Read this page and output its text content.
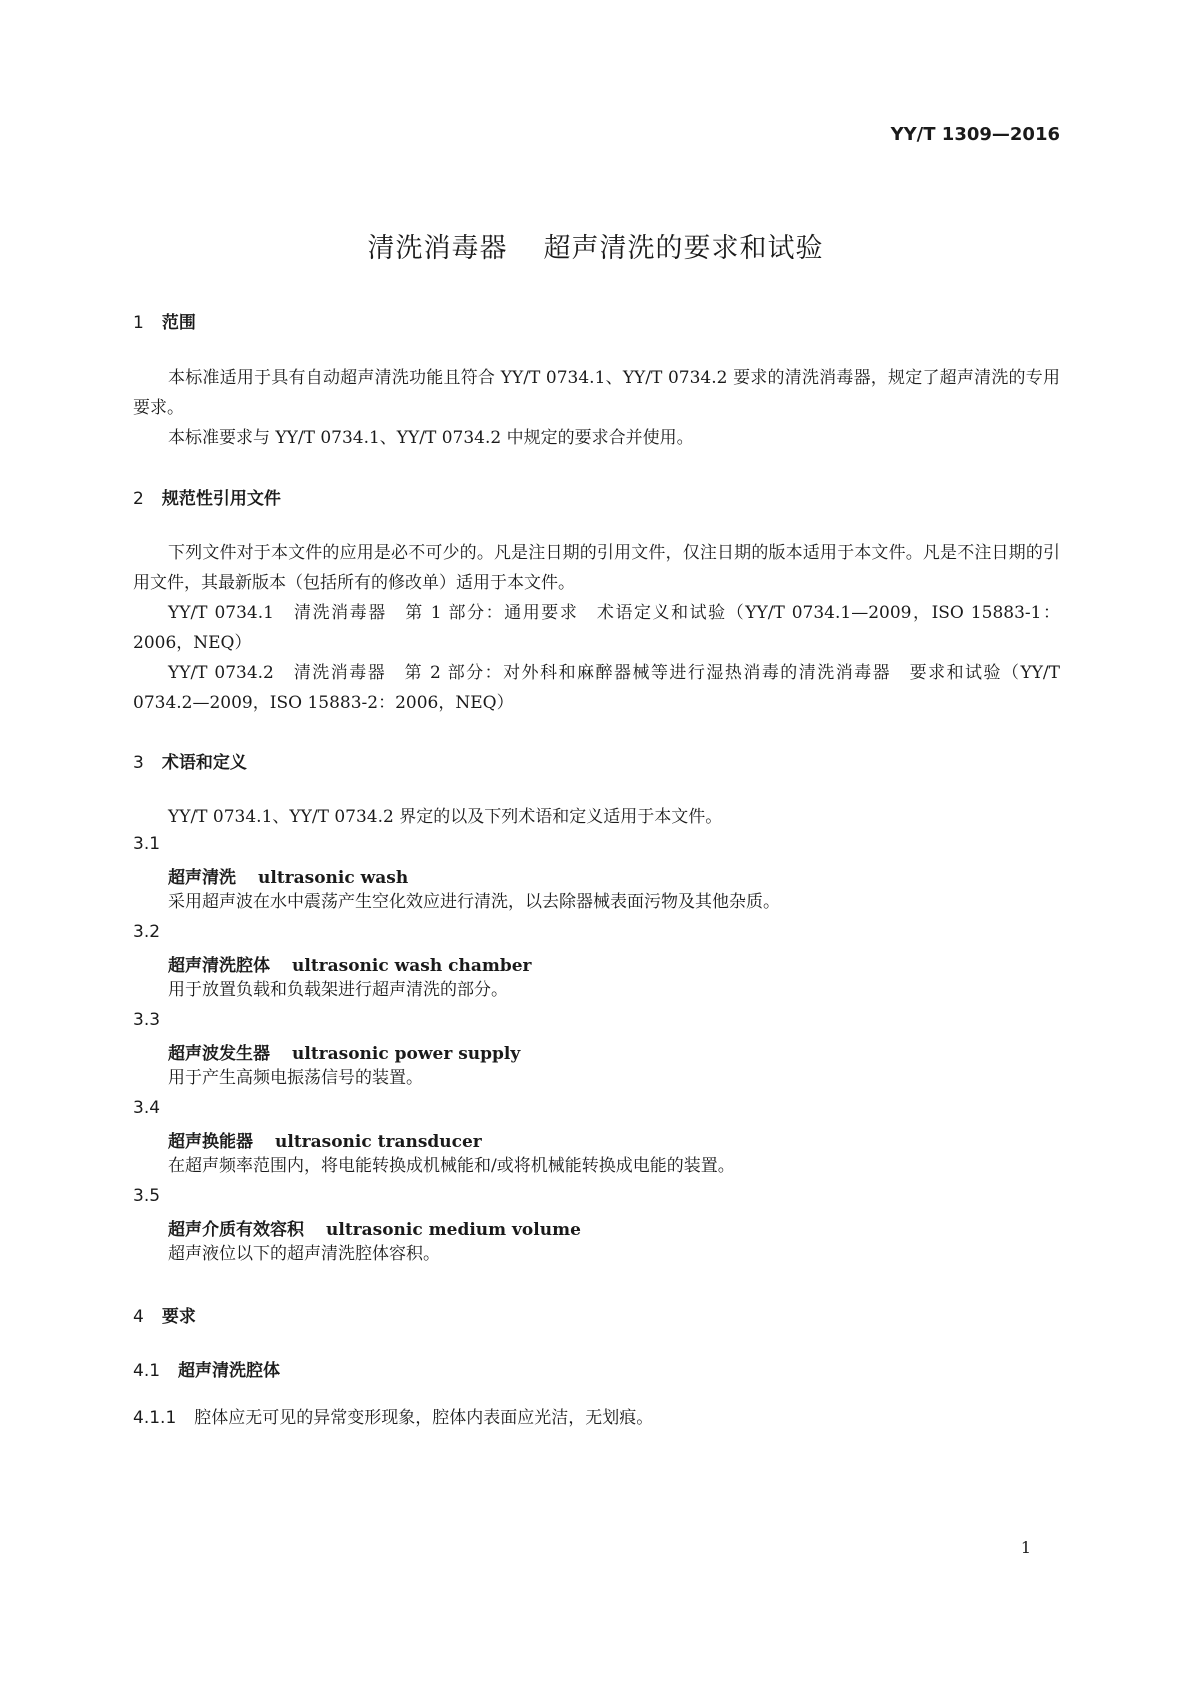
YY/T 1309—2016
清洗消毒器 超声清洗的要求和试验
1 范围
本标准适用于具有自动超声清洗功能且符合 YY/T 0734.1、YY/T 0734.2 要求的清洗消毒器，规定了超声清洗的专用要求。
本标准要求与 YY/T 0734.1、YY/T 0734.2 中规定的要求合并使用。
2 规范性引用文件
下列文件对于本文件的应用是必不可少的。凡是注日期的引用文件，仅注日期的版本适用于本文件。凡是不注日期的引用文件，其最新版本（包括所有的修改单）适用于本文件。
YY/T 0734.1　清洗消毒器　第 1 部分：通用要求　术语定义和试验（YY/T 0734.1—2009，ISO 15883-1：2006，NEQ）
YY/T 0734.2　清洗消毒器　第 2 部分：对外科和麻醉器械等进行湿热消毒的清洗消毒器　要求和试验（YY/T 0734.2—2009，ISO 15883-2：2006，NEQ）
3 术语和定义
YY/T 0734.1、YY/T 0734.2 界定的以及下列术语和定义适用于本文件。
3.1
超声清洗 ultrasonic wash
采用超声波在水中震荡产生空化效应进行清洗，以去除器械表面污物及其他杂质。
3.2
超声清洗腔体 ultrasonic wash chamber
用于放置负载和负载架进行超声清洗的部分。
3.3
超声波发生器 ultrasonic power supply
用于产生高频电振荡信号的装置。
3.4
超声换能器 ultrasonic transducer
在超声频率范围内，将电能转换成机械能和/或将机械能转换成电能的装置。
3.5
超声介质有效容积 ultrasonic medium volume
超声液位以下的超声清洗腔体容积。
4 要求
4.1 超声清洗腔体
4.1.1 腔体应无可见的异常变形现象，腔体内表面应光洁，无划痕。
1
